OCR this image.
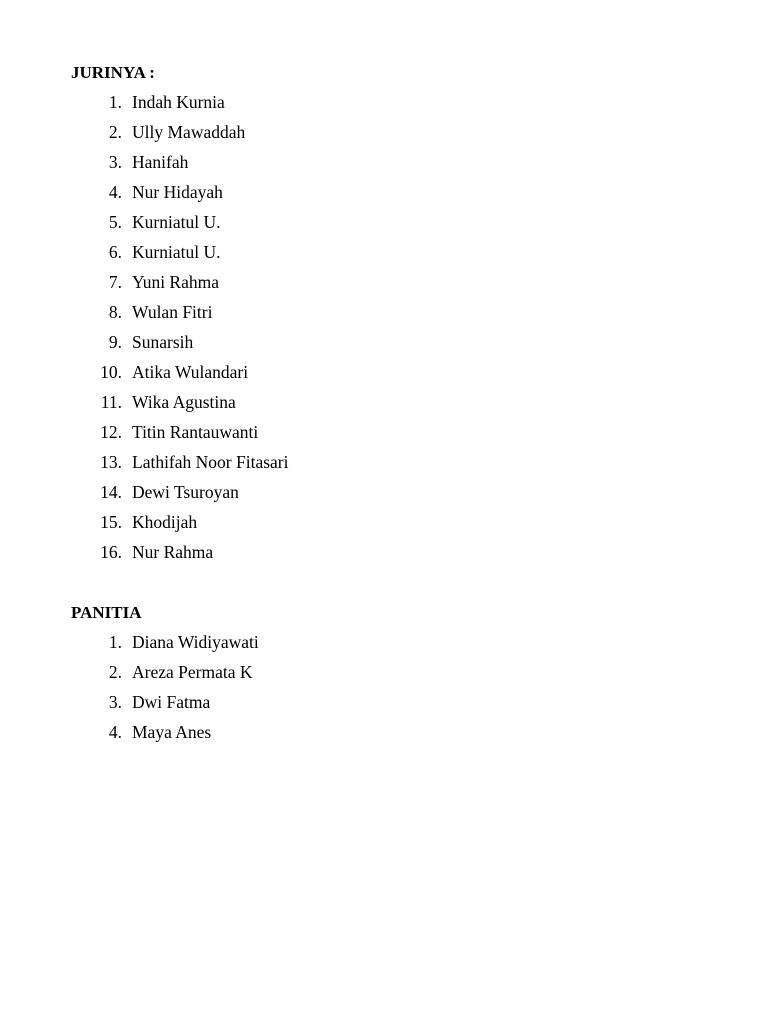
JURINYA :
1. Indah Kurnia
2. Ully Mawaddah
3. Hanifah
4. Nur Hidayah
5. Kurniatul U.
6. Kurniatul U.
7. Yuni Rahma
8. Wulan Fitri
9. Sunarsih
10. Atika Wulandari
11. Wika Agustina
12. Titin Rantauwanti
13. Lathifah Noor Fitasari
14. Dewi Tsuroyan
15. Khodijah
16. Nur Rahma
PANITIA
1. Diana Widiyawati
2. Areza Permata K
3. Dwi Fatma
4. Maya Anes
